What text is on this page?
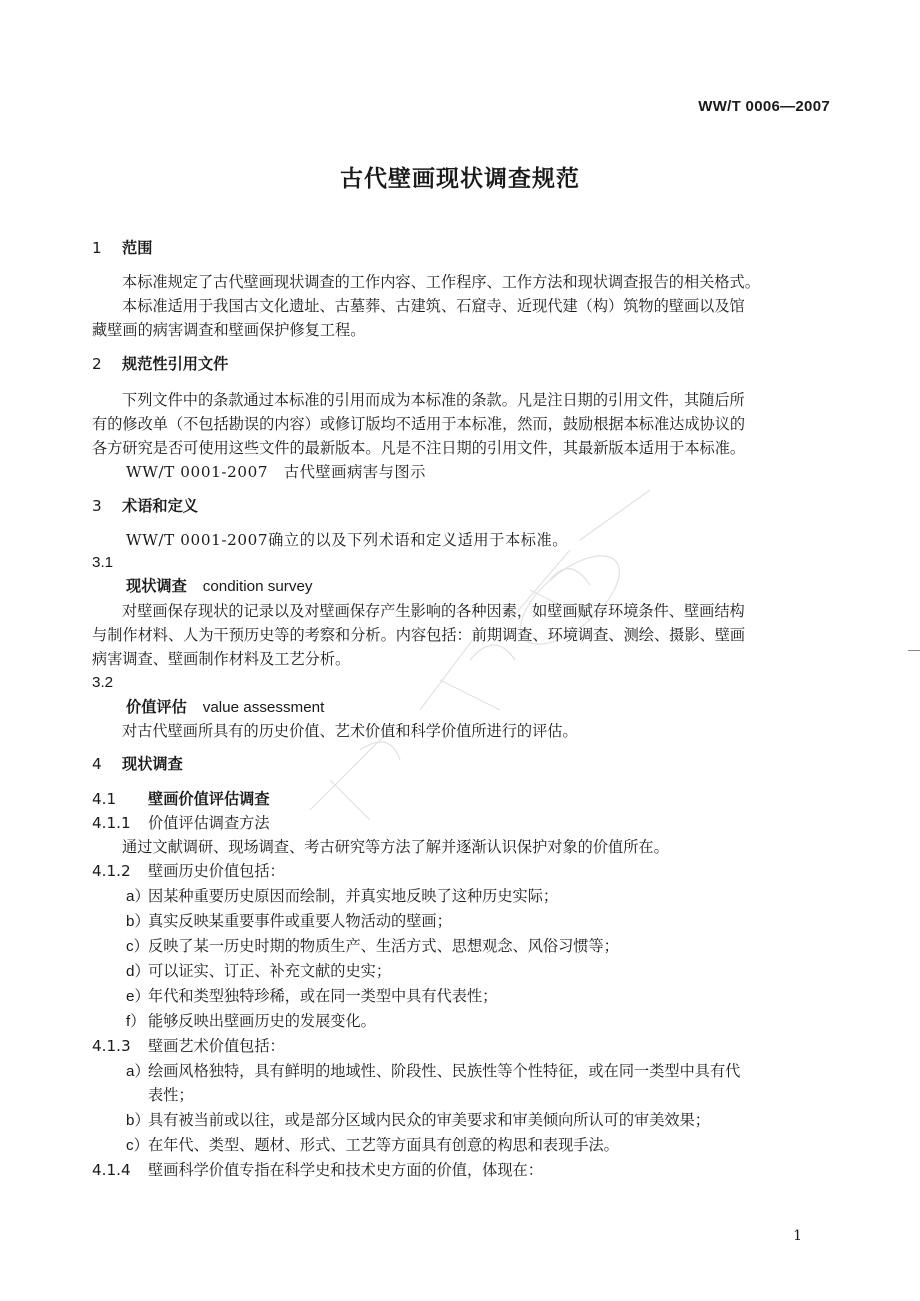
WW/T 0006—2007
古代壁画现状调查规范
1 范围
本标准规定了古代壁画现状调查的工作内容、工作程序、工作方法和现状调查报告的相关格式。
本标准适用于我国古文化遗址、古墓葬、古建筑、石窟寺、近现代建（构）筑物的壁画以及馆
藏壁画的病害调查和壁画保护修复工程。
2 规范性引用文件
下列文件中的条款通过本标准的引用而成为本标准的条款。凡是注日期的引用文件，其随后所
有的修改单（不包括勘误的内容）或修订版均不适用于本标准，然而，鼓励根据本标准达成协议的
各方研究是否可使用这些文件的最新版本。凡是不注日期的引用文件，其最新版本适用于本标准。
WW/T 0001-2007　古代壁画病害与图示
3 术语和定义
WW/T 0001-2007确立的以及下列术语和定义适用于本标准。
3.1
现状调查 condition survey
对壁画保存现状的记录以及对壁画保存产生影响的各种因素，如壁画赋存环境条件、壁画结构
与制作材料、人为干预历史等的考察和分析。内容包括：前期调查、环境调查、测绘、摄影、壁画
病害调查、壁画制作材料及工艺分析。
3.2
价值评估 value assessment
对古代壁画所具有的历史价值、艺术价值和科学价值所进行的评估。
4 现状调查
4.1 壁画价值评估调查
4.1.1 价值评估调查方法
通过文献调研、现场调查、考古研究等方法了解并逐渐认识保护对象的价值所在。
4.1.2 壁画历史价值包括：
a）因某种重要历史原因而绘制，并真实地反映了这种历史实际；
b）真实反映某重要事件或重要人物活动的壁画；
c）反映了某一历史时期的物质生产、生活方式、思想观念、风俗习惯等；
d）可以证实、订正、补充文献的史实；
e）年代和类型独特珍稀，或在同一类型中具有代表性；
f） 能够反映出壁画历史的发展变化。
4.1.3 壁画艺术价值包括：
a）绘画风格独特，具有鲜明的地域性、阶段性、民族性等个性特征，或在同一类型中具有代
表性；
b）具有被当前或以往，或是部分区域内民众的审美要求和审美倾向所认可的审美效果；
c）在年代、类型、题材、形式、工艺等方面具有创意的构思和表现手法。
4.1.4 壁画科学价值专指在科学史和技术史方面的价值，体现在：
1
